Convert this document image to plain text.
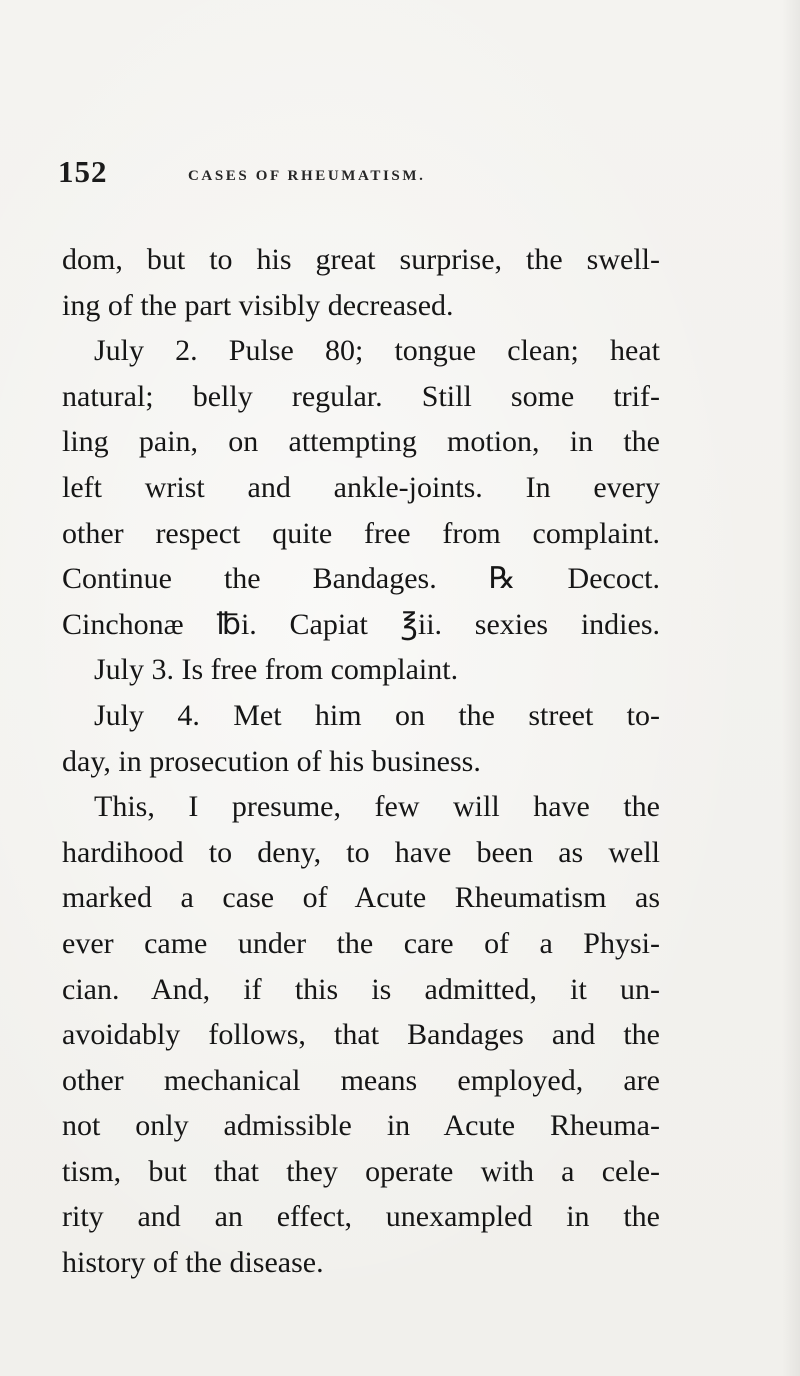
152	CASES OF RHEUMATISM.
dom, but to his great surprise, the swell-
ing of the part visibly decreased.
July 2. Pulse 80; tongue clean; heat
natural; belly regular. Still some trif-
ling pain, on attempting motion, in the
left wrist and ankle-joints. In every
other respect quite free from complaint.
Continue the Bandages. ℞ Decoct.
Cinchonæ ℔i. Capiat ℥ii. sexies indies.
July 3. Is free from complaint.
July 4. Met him on the street to-
day, in prosecution of his business.
This, I presume, few will have the
hardihood to deny, to have been as well
marked a case of Acute Rheumatism as
ever came under the care of a Physi-
cian. And, if this is admitted, it un-
avoidably follows, that Bandages and the
other mechanical means employed, are
not only admissible in Acute Rheuma-
tism, but that they operate with a cele-
rity and an effect, unexampled in the
history of the disease.
